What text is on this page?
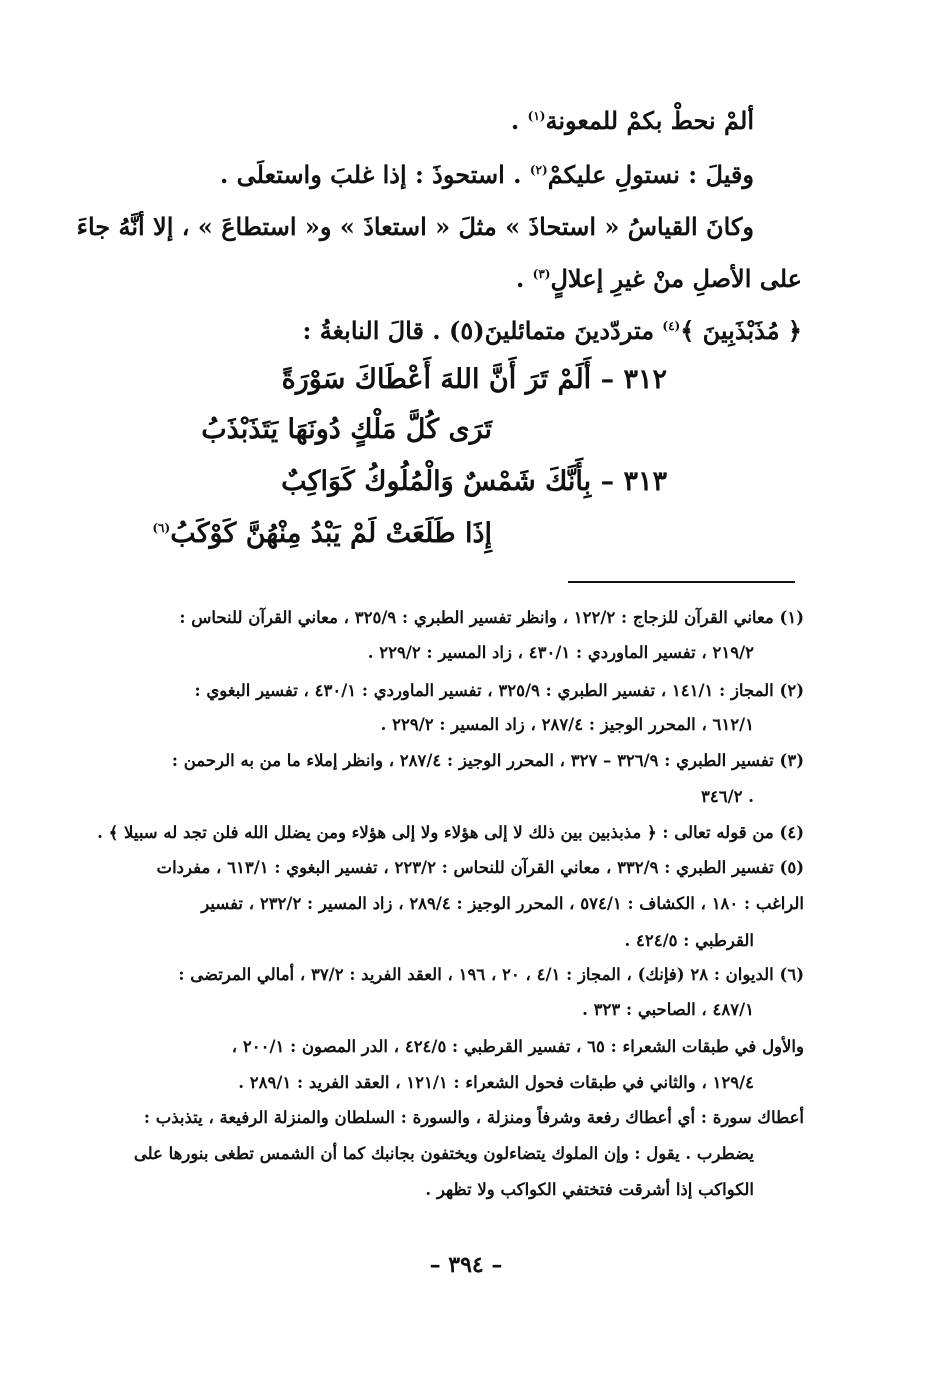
ألمْ نحطْ بكمْ للمعونة$^{(١)}$ .
وقيلَ : نستولِ عليكمْ$^{(٢)}$ . استحوذَ : إذا غلبَ واستعلَى .
وكانَ القياسُ « استحاذَ » مثلَ « استعاذَ » و« استطاعَ » ، إلا أنَّهُ جاءَ
على الأصلِ منْ غيرِ إعلالٍ$^{(٣)}$ .
﴿ مُذَبْذَبِينَ ﴾$^{(٤)}$ متردّدينَ متمائلينَ(٥) . قالَ النابغةُ :
٣١٢ – أَلَمْ تَرَ أَنَّ اللهَ أَعْطَاكَ سَوْرَةً
تَرَى كُلَّ مَلْكٍ دُونَهَا يَتَذَبْذَبُ
٣١٣ – بِأَنَّكَ شَمْسٌ وَالْمُلُوكُ كَوَاكِبٌ
إِذَا طَلَعَتْ لَمْ يَبْدُ مِنْهُنَّ كَوْكَبُ$^{(٦)}$
(١) معاني القرآن للزجاج : ١٢٢/٢ ، وانظر تفسير الطبري : ٣٢٥/٩ ، معاني القرآن للنحاس :
٢١٩/٢ ، تفسير الماوردي : ٤٣٠/١ ، زاد المسير : ٢٢٩/٢ .
(٢) المجاز : ١٤١/١ ، تفسير الطبري : ٣٢٥/٩ ، تفسير الماوردي : ٤٣٠/١ ، تفسير البغوي :
٦١٢/١ ، المحرر الوجيز : ٢٨٧/٤ ، زاد المسير : ٢٢٩/٢ .
(٣) تفسير الطبري : ٣٢٦/٩ – ٣٢٧ ، المحرر الوجيز : ٢٨٧/٤ ، وانظر إملاء ما من به الرحمن :
٣٤٦/٢ .
(٤) من قوله تعالى : ﴿ مذبذبين بين ذلك لا إلى هؤلاء ولا إلى هؤلاء ومن يضلل الله فلن تجد له سبيلا ﴾ .
(٥) تفسير الطبري : ٣٣٢/٩ ، معاني القرآن للنحاس : ٢٢٣/٢ ، تفسير البغوي : ٦١٣/١ ، مفردات
الراغب : ١٨٠ ، الكشاف : ٥٧٤/١ ، المحرر الوجيز : ٢٨٩/٤ ، زاد المسير : ٢٣٢/٢ ، تفسير
القرطبي : ٤٢٤/٥ .
(٦) الديوان : ٢٨ (فإنك) ، المجاز : ٤/١ ، ٢٠ ، ١٩٦ ، العقد الفريد : ٣٧/٢ ، أمالي المرتضى :
٤٨٧/١ ، الصاحبي : ٣٢٣ .
والأول في طبقات الشعراء : ٦٥ ، تفسير القرطبي : ٤٢٤/٥ ، الدر المصون : ٢٠٠/١ ،
١٢٩/٤ ، والثاني في طبقات فحول الشعراء : ١٢١/١ ، العقد الفريد : ٢٨٩/١ .
أعطاك سورة : أي أعطاك رفعة وشرفاً ومنزلة ، والسورة : السلطان والمنزلة الرفيعة ، يتذبذب :
يضطرب . يقول : وإن الملوك يتضاءلون ويختفون بجانبك كما أن الشمس تطغى بنورها على
الكواكب إذا أشرقت فتختفي الكواكب ولا تظهر .
– ٣٩٤ –
